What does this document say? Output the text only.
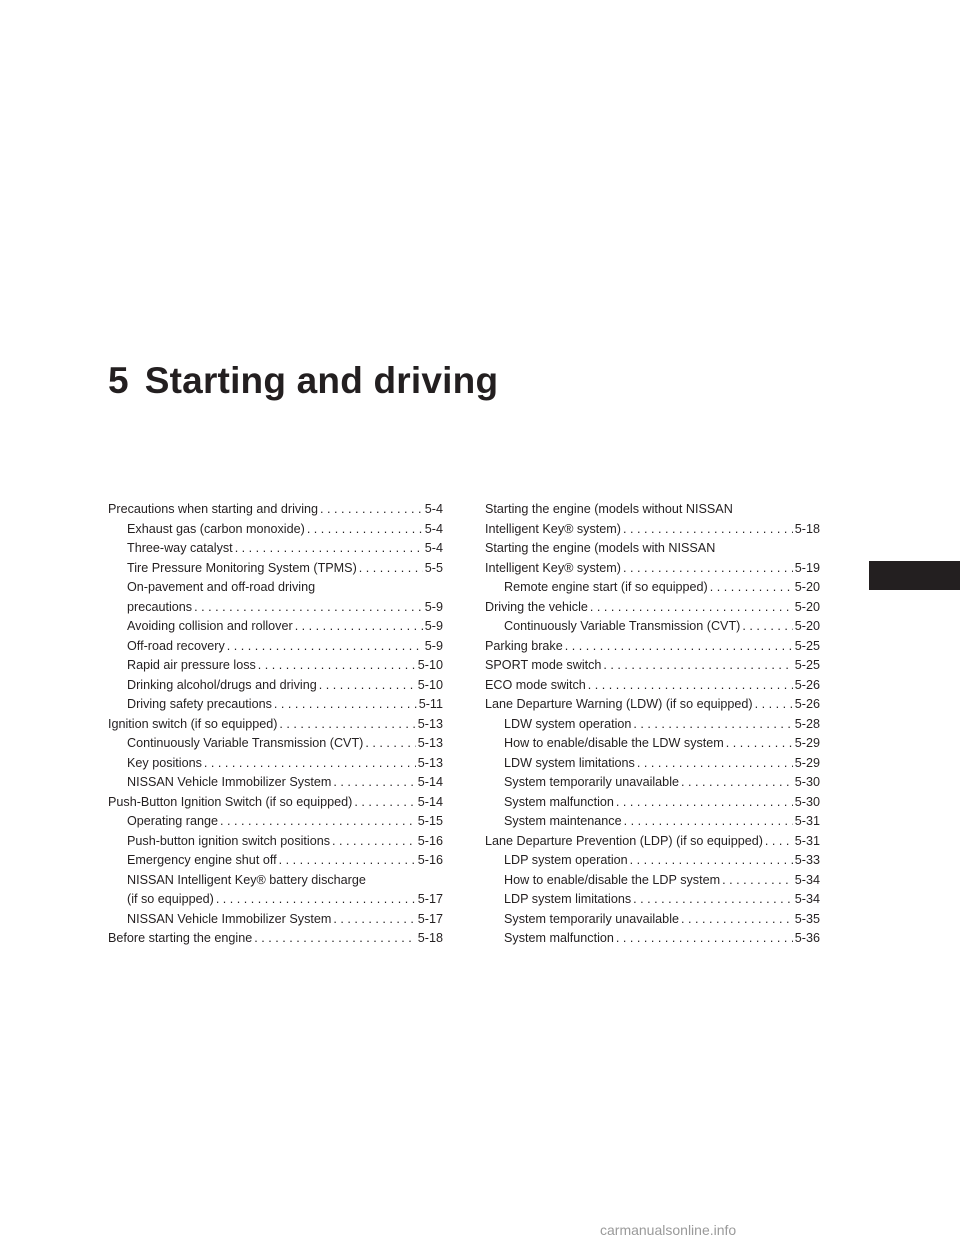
5 Starting and driving
Precautions when starting and driving . . .	5-4
Exhaust gas (carbon monoxide) . . .	5-4
Three-way catalyst . . .	5-4
Tire Pressure Monitoring System (TPMS) . . .	5-5
On-pavement and off-road driving
precautions . . .	5-9
Avoiding collision and rollover . . .	5-9
Off-road recovery . . .	5-9
Rapid air pressure loss . . .	5-10
Drinking alcohol/drugs and driving . . .	5-10
Driving safety precautions . . .	5-11
Ignition switch (if so equipped) . . .	5-13
Continuously Variable Transmission (CVT) . . .	5-13
Key positions . . .	5-13
NISSAN Vehicle Immobilizer System . . .	5-14
Push-Button Ignition Switch (if so equipped) . . .	5-14
Operating range . . .	5-15
Push-button ignition switch positions . . .	5-16
Emergency engine shut off . . .	5-16
NISSAN Intelligent Key® battery discharge
(if so equipped) . . .	5-17
NISSAN Vehicle Immobilizer System . . .	5-17
Before starting the engine . . .	5-18
Starting the engine (models without NISSAN
Intelligent Key® system) . . .	5-18
Starting the engine (models with NISSAN
Intelligent Key® system) . . .	5-19
Remote engine start (if so equipped) . . .	5-20
Driving the vehicle . . .	5-20
Continuously Variable Transmission (CVT) . . .	5-20
Parking brake . . .	5-25
SPORT mode switch . . .	5-25
ECO mode switch . . .	5-26
Lane Departure Warning (LDW) (if so equipped) . . .	5-26
LDW system operation . . .	5-28
How to enable/disable the LDW system . . .	5-29
LDW system limitations . . .	5-29
System temporarily unavailable . . .	5-30
System malfunction . . .	5-30
System maintenance . . .	5-31
Lane Departure Prevention (LDP) (if so equipped) . . .	5-31
LDP system operation . . .	5-33
How to enable/disable the LDP system . . .	5-34
LDP system limitations . . .	5-34
System temporarily unavailable . . .	5-35
System malfunction . . .	5-36
carmanualsonline.info
